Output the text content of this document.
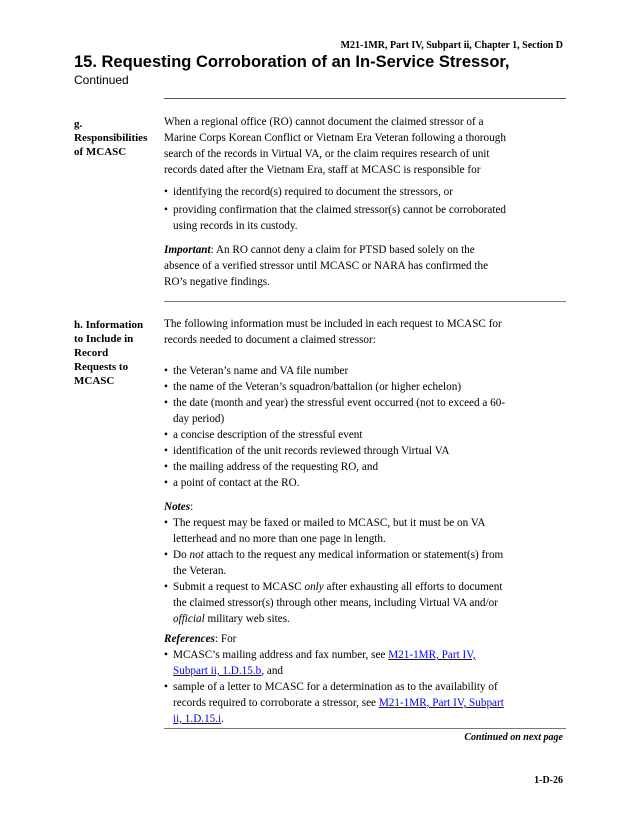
M21-1MR, Part IV, Subpart ii, Chapter 1, Section D
15. Requesting Corroboration of an In-Service Stressor,
Continued
g.
Responsibilities
of MCASC

When a regional office (RO) cannot document the claimed stressor of a

Marine Corps Korean Conflict or Vietnam Era Veteran following a thorough

search of the records in Virtual VA, or the claim requires research of unit

records dated after the Vietnam Era, staff at MCASC is responsible for

• identifying the record(s) required to document the stressors, or
• providing confirmation that the claimed stressor(s) cannot be corroborated
using records in its custody.

Important: An RO cannot deny a claim for PTSD based solely on the

absence of a verified stressor until MCASC or NARA has confirmed the

RO’s negative findings.

h. Information
to Include in
Record
Requests to
MCASC

The following information must be included in each request to MCASC for

records needed to document a claimed stressor:

• the Veteran’s name and VA file number
• the name of the Veteran’s squadron/battalion (or higher echelon)
• the date (month and year) the stressful event occurred (not to exceed a 60-
day period)
• a concise description of the stressful event
• identification of the unit records reviewed through Virtual VA
• the mailing address of the requesting RO, and
• a point of contact at the RO.

Notes:

• The request may be faxed or mailed to MCASC, but it must be on VA
letterhead and no more than one page in length.
• Do not attach to the request any medical information or statement(s) from
the Veteran.
• Submit a request to MCASC only after exhausting all efforts to document
the claimed stressor(s) through other means, including Virtual VA and/or
official military web sites.

References: For

• MCASC’s mailing address and fax number, see M21-1MR, Part IV,
Subpart ii, 1.D.15.b, and
• sample of a letter to MCASC for a determination as to the availability of
records required to corroborate a stressor, see M21-1MR, Part IV, Subpart
ii, 1.D.15.i.
Continued on next page
1-D-26
